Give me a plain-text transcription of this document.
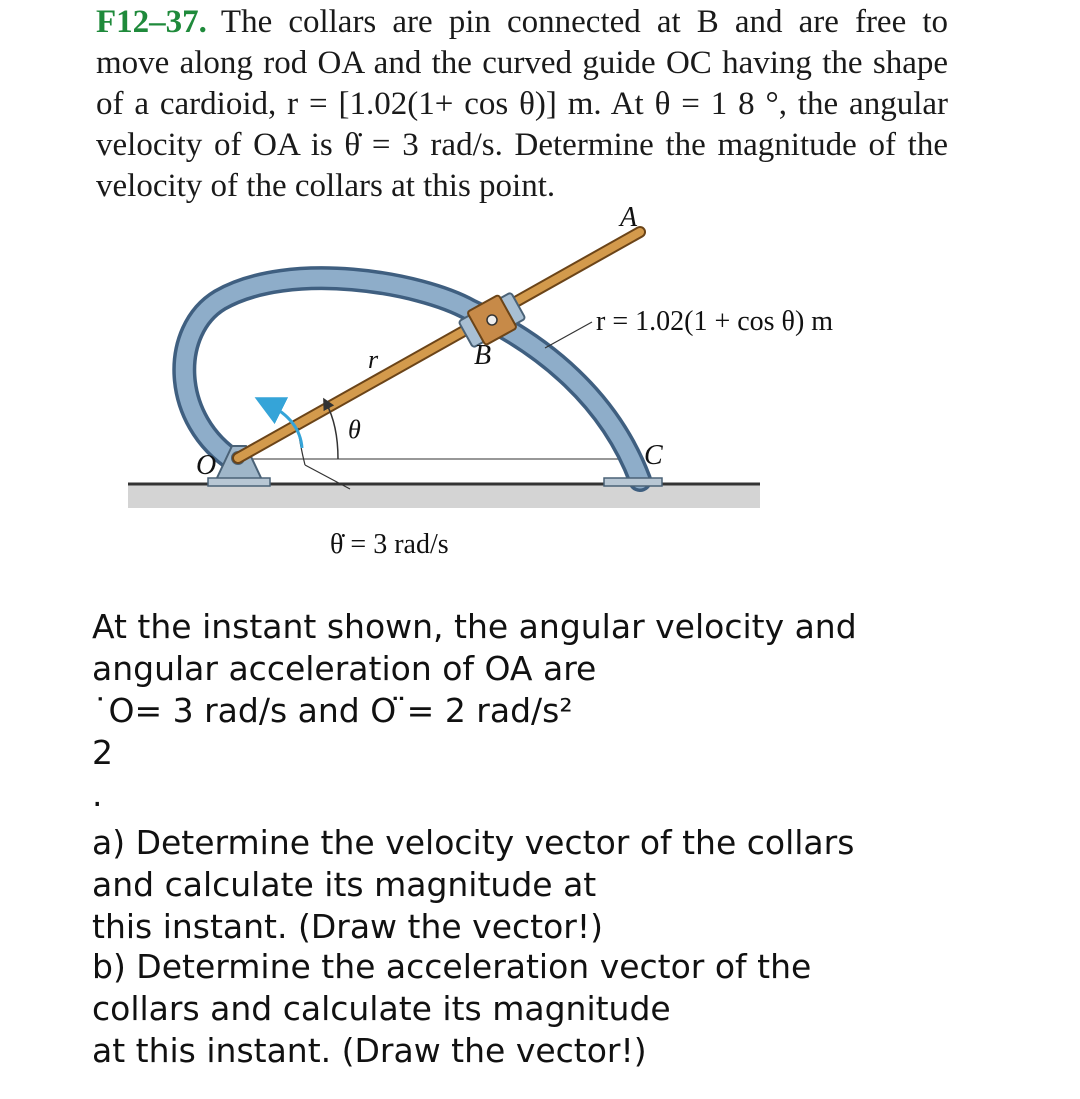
F12–37. The collars are pin connected at B and are free to move along rod OA and the curved guide OC having the shape of a cardioid, r = [1.02(1+ cos θ)] m. At θ = 1 8 °, the angular velocity of OA is θ̇ = 3 rad/s. Determine the magnitude of the velocity of the collars at this point.
A
B
C
O
r
θ
r = 1.02(1 + cos θ) m
θ̇ = 3 rad/s
At the instant shown, the angular velocity and
angular acceleration of OA are
˙O= 3 rad/s and O ̈= 2 rad/s²
2
.
a) Determine the velocity vector of the collars
and calculate its magnitude at
this instant. (Draw the vector!)
b) Determine the acceleration vector of the
collars and calculate its magnitude
at this instant. (Draw the vector!)
